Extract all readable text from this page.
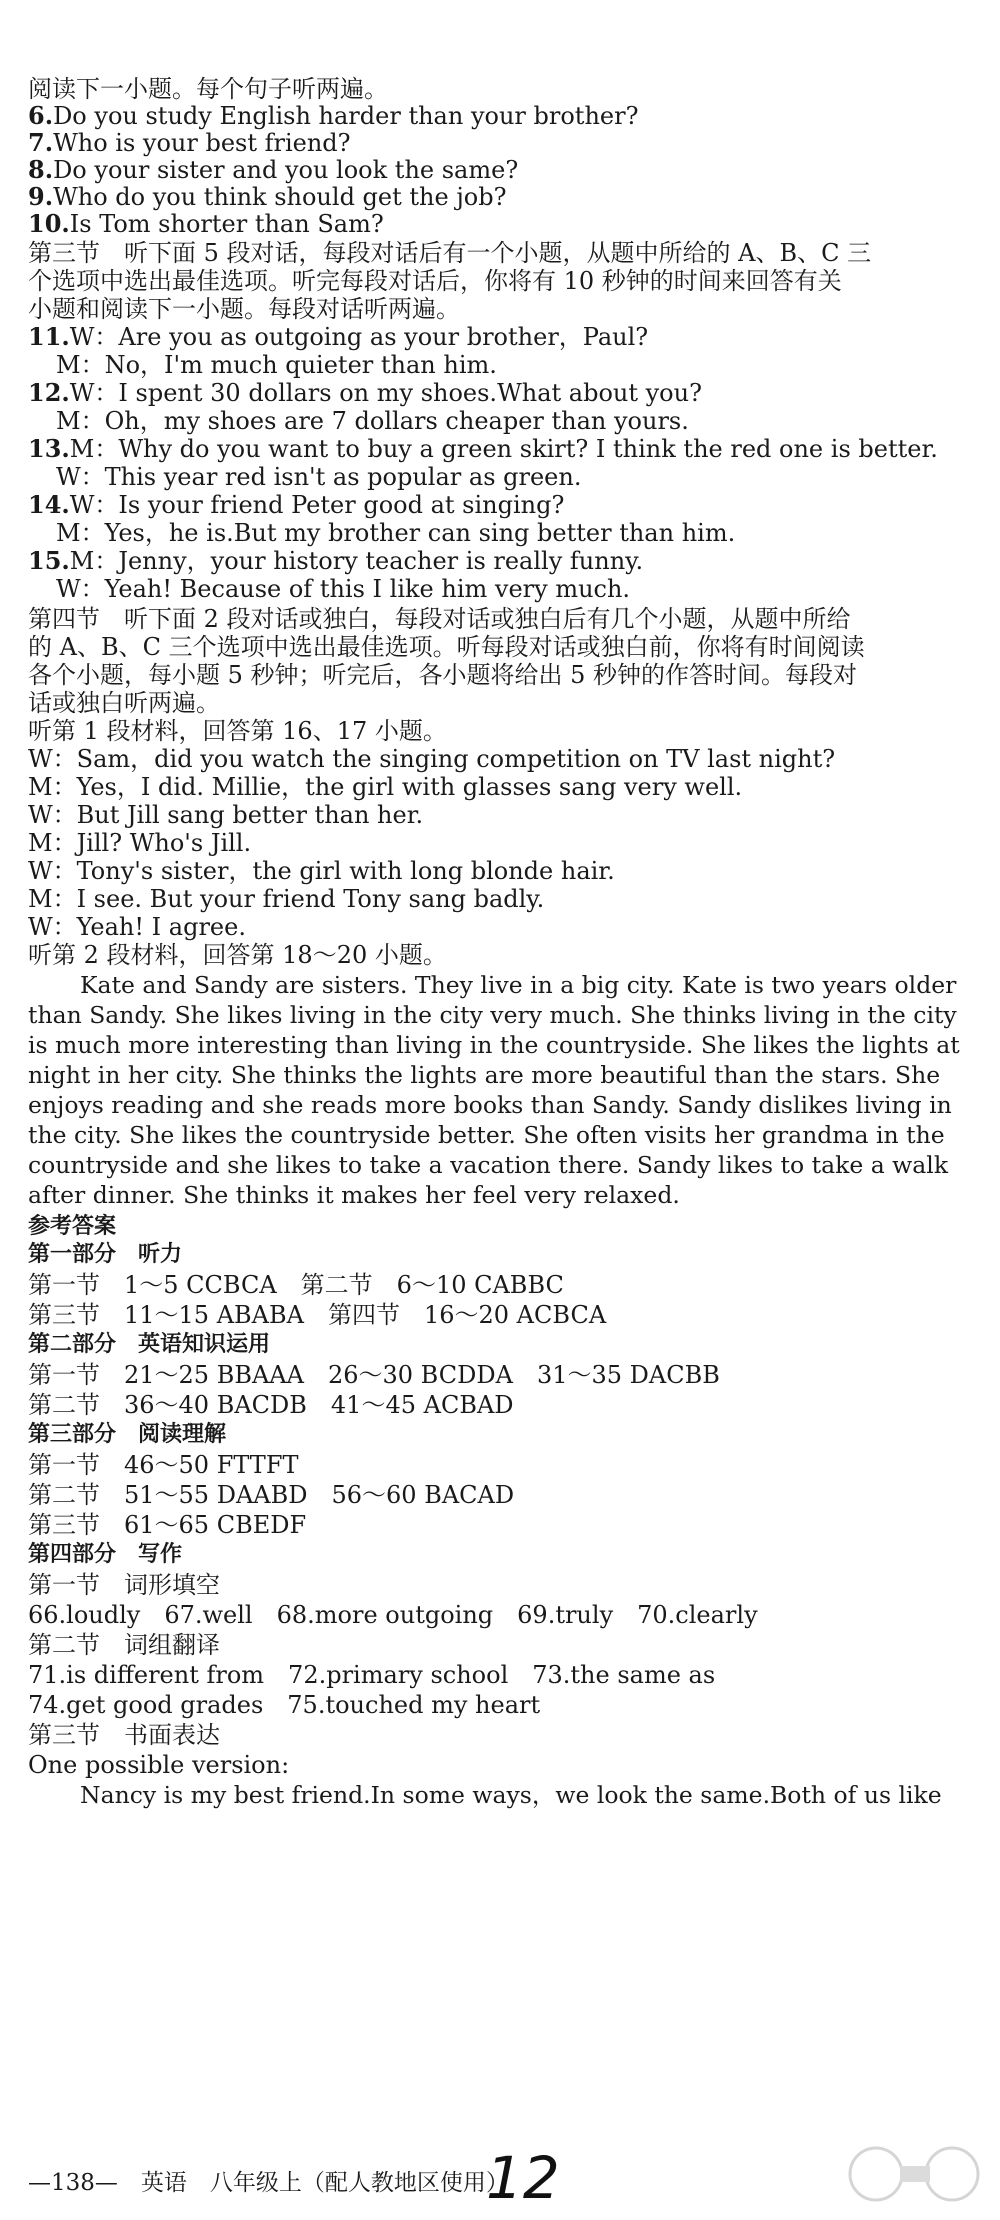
阅读下一小题。每个句子听两遍。
6.Do you study English harder than your brother?
7.Who is your best friend?
8.Do your sister and you look the same?
9.Who do you think should get the job?
10.Is Tom shorter than Sam?
第三节　听下面 5 段对话，每段对话后有一个小题，从题中所给的 A、B、C 三
个选项中选出最佳选项。听完每段对话后，你将有 10 秒钟的时间来回答有关
小题和阅读下一小题。每段对话听两遍。
11.W：Are you as outgoing as your brother，Paul?
M：No，I'm much quieter than him.
12.W：I spent 30 dollars on my shoes.What about you?
M：Oh，my shoes are 7 dollars cheaper than yours.
13.M：Why do you want to buy a green skirt? I think the red one is better.
W：This year red isn't as popular as green.
14.W：Is your friend Peter good at singing?
M：Yes，he is.But my brother can sing better than him.
15.M：Jenny，your history teacher is really funny.
W：Yeah! Because of this I like him very much.
第四节　听下面 2 段对话或独白，每段对话或独白后有几个小题，从题中所给
的 A、B、C 三个选项中选出最佳选项。听每段对话或独白前，你将有时间阅读
各个小题，每小题 5 秒钟；听完后，各小题将给出 5 秒钟的作答时间。每段对
话或独白听两遍。
听第 1 段材料，回答第 16、17 小题。
W：Sam，did you watch the singing competition on TV last night?
M：Yes，I did. Millie，the girl with glasses sang very well.
W：But Jill sang better than her.
M：Jill? Who's Jill.
W：Tony's sister，the girl with long blonde hair.
M：I see. But your friend Tony sang badly.
W：Yeah! I agree.
听第 2 段材料，回答第 18～20 小题。
Kate and Sandy are sisters. They live in a big city. Kate is two years older
than Sandy. She likes living in the city very much. She thinks living in the city
is much more interesting than living in the countryside. She likes the lights at
night in her city. She thinks the lights are more beautiful than the stars. She
enjoys reading and she reads more books than Sandy. Sandy dislikes living in
the city. She likes the countryside better. She often visits her grandma in the
countryside and she likes to take a vacation there. Sandy likes to take a walk
after dinner. She thinks it makes her feel very relaxed.
参考答案
第一部分　听力
第一节　1～5 CCBCA　第二节　6～10 CABBC
第三节　11～15 ABABA　第四节　16～20 ACBCA
第二部分　英语知识运用
第一节　21～25 BBAAA　26～30 BCDDA　31～35 DACBB
第二节　36～40 BACDB　41～45 ACBAD
第三部分　阅读理解
第一节　46～50 FTTFT
第二节　51～55 DAABD　56～60 BACAD
第三节　61～65 CBEDF
第四部分　写作
第一节　词形填空
66.loudly　67.well　68.more outgoing　69.truly　70.clearly
第二节　词组翻译
71.is different from　72.primary school　73.the same as
74.get good grades　75.touched my heart
第三节　书面表达
One possible version:
Nancy is my best friend.In some ways，we look the same.Both of us like
—138—　英语　八年级上（配人教地区使用）
12
